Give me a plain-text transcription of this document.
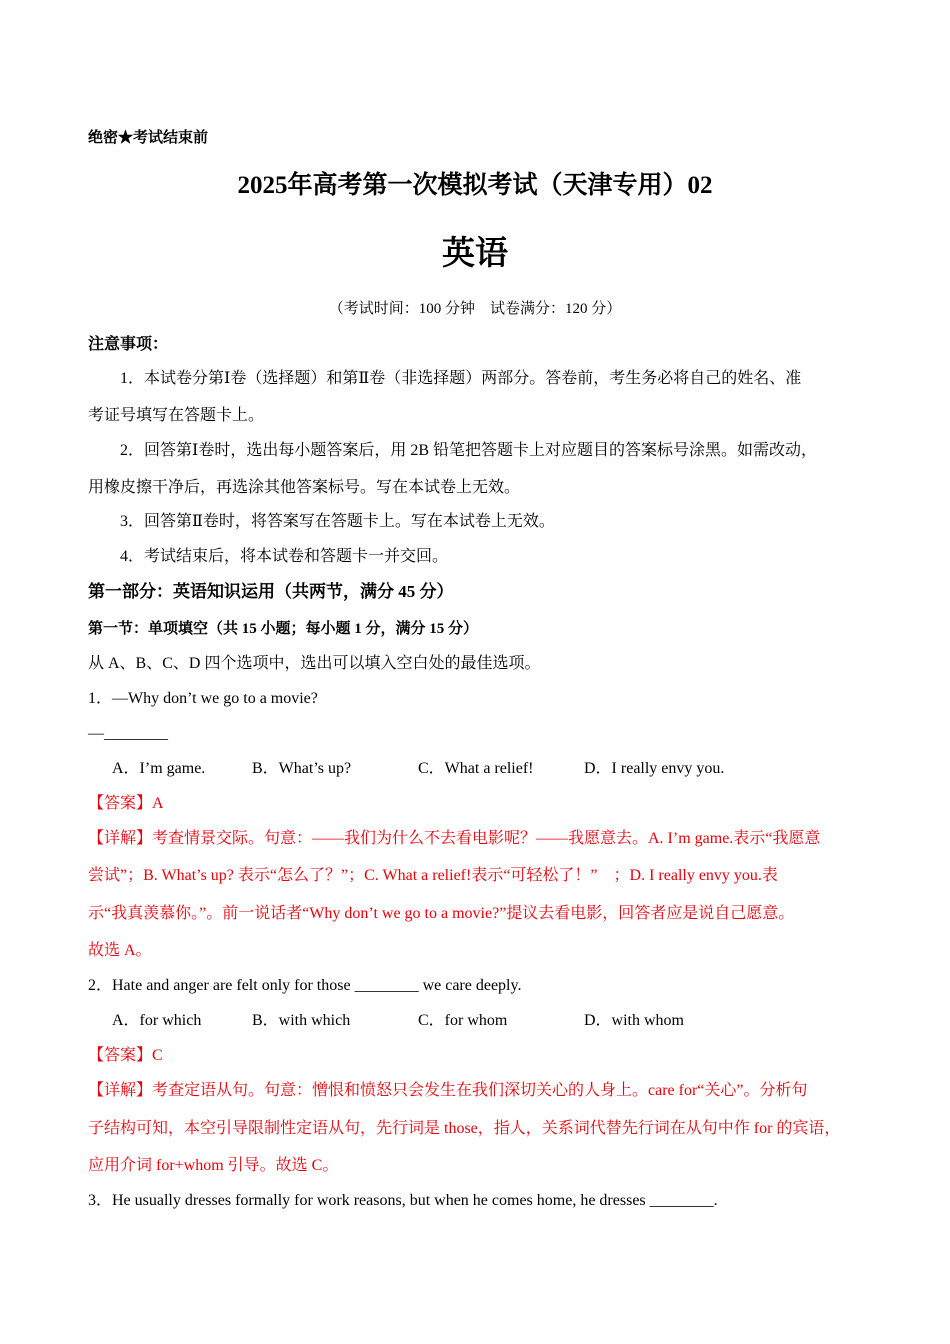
绝密★考试结束前
2025年高考第一次模拟考试（天津专用）02
英语
（考试时间：100 分钟　试卷满分：120 分）
注意事项：
1．本试卷分第Ⅰ卷（选择题）和第Ⅱ卷（非选择题）两部分。答卷前，考生务必将自己的姓名、准
考证号填写在答题卡上。
2．回答第Ⅰ卷时，选出每小题答案后，用 2B 铅笔把答题卡上对应题目的答案标号涂黑。如需改动，
用橡皮擦干净后，再选涂其他答案标号。写在本试卷上无效。
3．回答第Ⅱ卷时，将答案写在答题卡上。写在本试卷上无效。
4．考试结束后，将本试卷和答题卡一并交回。
第一部分：英语知识运用（共两节，满分 45 分）
第一节：单项填空（共 15 小题；每小题 1 分，满分 15 分）
从 A、B、C、D 四个选项中，选出可以填入空白处的最佳选项。
1．—Why don’t we go to a movie?
—________
A．I’m game.	B．What’s up?	C．What a relief!	D．I really envy you.
【答案】A
【详解】考查情景交际。句意：——我们为什么不去看电影呢？——我愿意去。A. I’m game.表示“我愿意
尝试”；B. What’s up? 表示“怎么了？”；C. What a relief!表示“可轻松了！”　；D. I really envy you.表
示“我真羡慕你。”。前一说话者“Why don’t we go to a movie?”提议去看电影，回答者应是说自己愿意。
故选 A。
2．Hate and anger are felt only for those ________ we care deeply.
A．for which	B．with which	C．for whom	D．with whom
【答案】C
【详解】考查定语从句。句意：憎恨和愤怒只会发生在我们深切关心的人身上。care for“关心”。分析句
子结构可知，本空引导限制性定语从句，先行词是 those，指人，关系词代替先行词在从句中作 for 的宾语，
应用介词 for+whom 引导。故选 C。
3．He usually dresses formally for work reasons, but when he comes home, he dresses ________.
